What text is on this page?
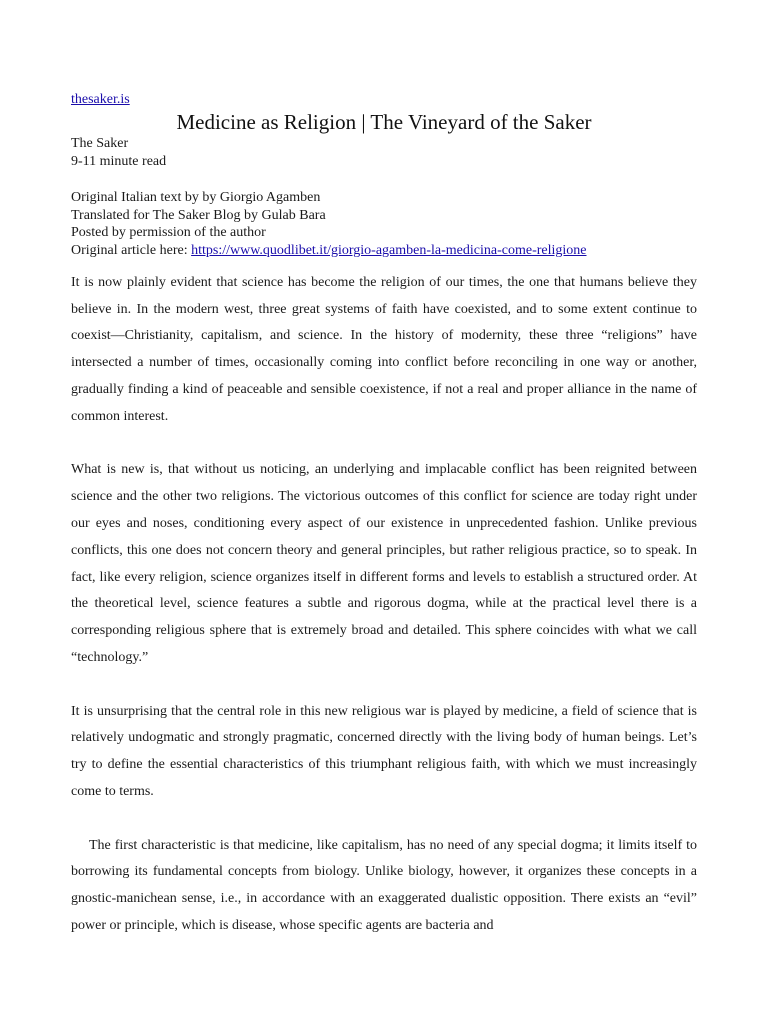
thesaker.is
Medicine as Religion | The Vineyard of the Saker
The Saker
9-11 minute read
Original Italian text by by Giorgio Agamben
Translated for The Saker Blog by Gulab Bara
Posted by permission of the author
Original article here: https://www.quodlibet.it/giorgio-agamben-la-medicina-come-religione

It is now plainly evident that science has become the religion of our times, the one that humans believe they believe in. In the modern west, three great systems of faith have coexisted, and to some extent continue to coexist—Christianity, capitalism, and science. In the history of modernity, these three “religions” have intersected a number of times, occasionally coming into conflict before reconciling in one way or another, gradually finding a kind of peaceable and sensible coexistence, if not a real and proper alliance in the name of common interest.

What is new is, that without us noticing, an underlying and implacable conflict has been reignited between science and the other two religions. The victorious outcomes of this conflict for science are today right under our eyes and noses, conditioning every aspect of our existence in unprecedented fashion. Unlike previous conflicts, this one does not concern theory and general principles, but rather religious practice, so to speak. In fact, like every religion, science organizes itself in different forms and levels to establish a structured order. At the theoretical level, science features a subtle and rigorous dogma, while at the practical level there is a corresponding religious sphere that is extremely broad and detailed. This sphere coincides with what we call “technology.”

It is unsurprising that the central role in this new religious war is played by medicine, a field of science that is relatively undogmatic and strongly pragmatic, concerned directly with the living body of human beings. Let’s try to define the essential characteristics of this triumphant religious faith, with which we must increasingly come to terms.

The first characteristic is that medicine, like capitalism, has no need of any special dogma; it limits itself to borrowing its fundamental concepts from biology. Unlike biology, however, it organizes these concepts in a gnostic-manichean sense, i.e., in accordance with an exaggerated dualistic opposition. There exists an “evil” power or principle, which is disease, whose specific agents are bacteria and
